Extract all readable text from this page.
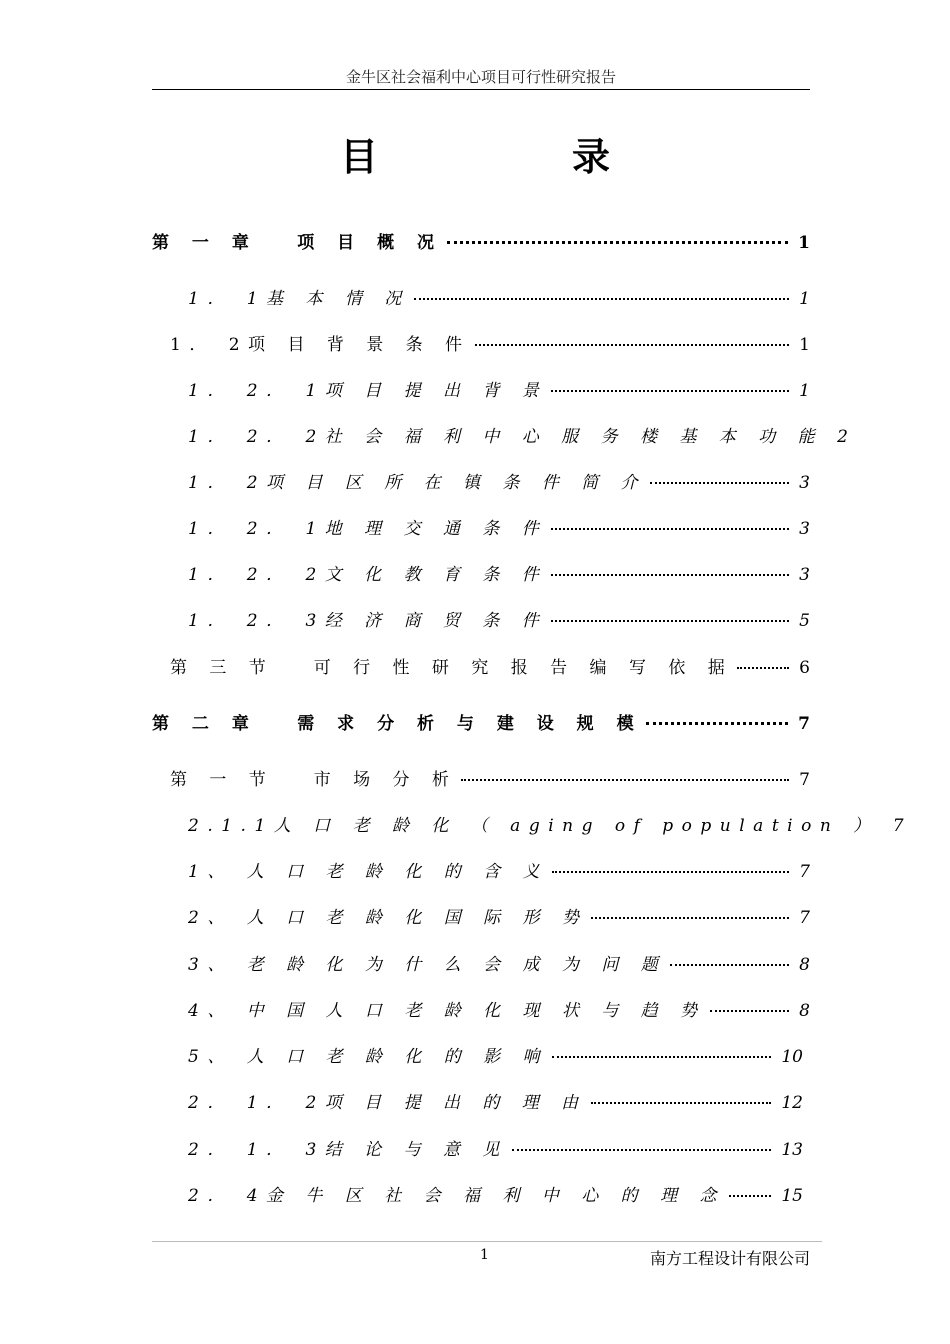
金牛区社会福利中心项目可行性研究报告
目	录
第 一 章　 项 目 概 况	1
1． 1基 本 情 况	1
1． 2项 目 背 景 条 件	1
1． 2． 1项 目 提 出 背 景	1
1． 2． 2社 会 福 利 中 心 服 务 楼 基 本 功 能 2
1． 2项 目 区 所 在 镇 条 件 简 介	3
1． 2． 1地 理 交 通 条 件	3
1． 2． 2文 化 教 育 条 件	3
1． 2． 3经 济 商 贸 条 件	5
第 三 节　 可 行 性 研 究 报 告 编 写 依 据	6
第 二 章　 需 求 分 析 与 建 设 规 模	7
第 一 节　 市 场 分 析	7
2.1.1人 口 老 龄 化 （ aging of population ） 7
1、 人 口 老 龄 化 的 含 义	7
2、 人 口 老 龄 化 国 际 形 势	7
3、 老 龄 化 为 什 么 会 成 为 问 题	8
4、 中 国 人 口 老 龄 化 现 状 与 趋 势	8
5、 人 口 老 龄 化 的 影 响	10
2． 1． 2项 目 提 出 的 理 由	12
2． 1． 3结 论 与 意 见	13
2． 4金 牛 区 社 会 福 利 中 心 的 理 念	15
1	南方工程设计有限公司
